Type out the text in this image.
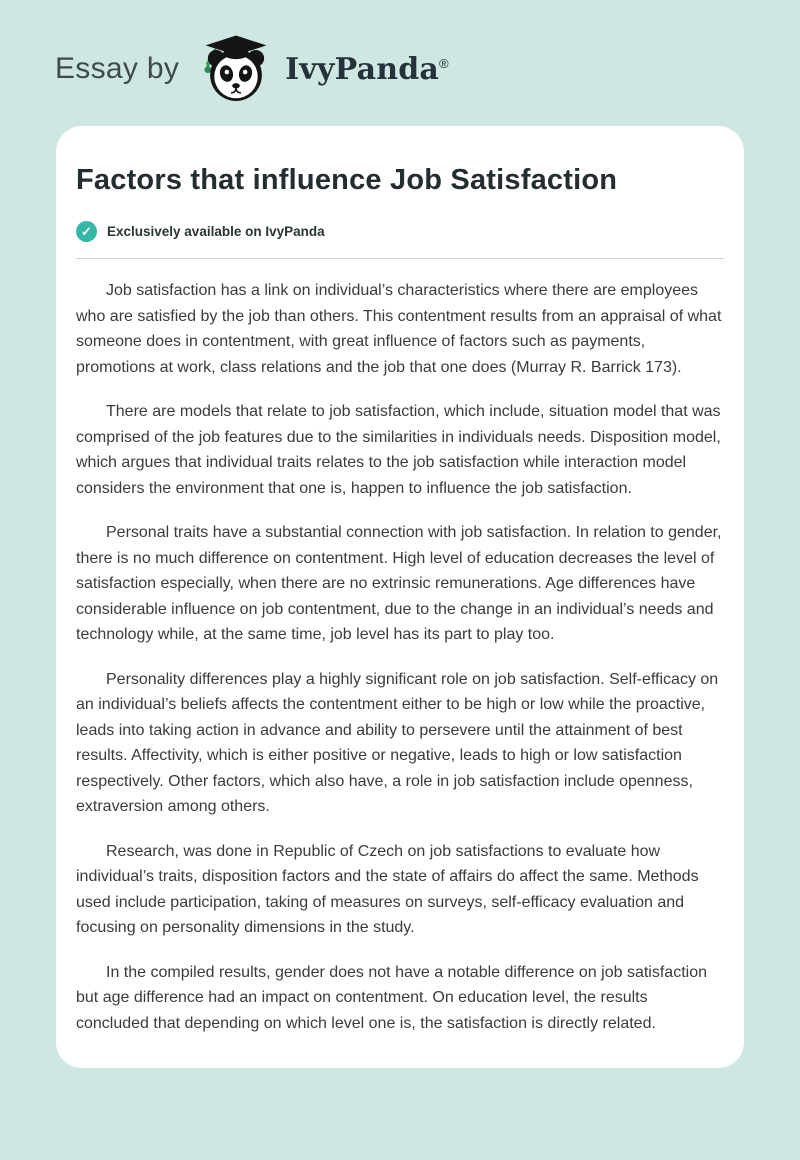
Essay by	IvyPanda®
Factors that influence Job Satisfaction
✓	Exclusively available on IvyPanda

Job satisfaction has a link on individual’s characteristics where there are employees who are satisfied by the job than others. This contentment results from an appraisal of what someone does in contentment, with great influence of factors such as payments, promotions at work, class relations and the job that one does (Murray R. Barrick 173).

There are models that relate to job satisfaction, which include, situation model that was comprised of the job features due to the similarities in individuals needs. Disposition model, which argues that individual traits relates to the job satisfaction while interaction model considers the environment that one is, happen to influence the job satisfaction.

Personal traits have a substantial connection with job satisfaction. In relation to gender, there is no much difference on contentment. High level of education decreases the level of satisfaction especially, when there are no extrinsic remunerations. Age differences have considerable influence on job contentment, due to the change in an individual’s needs and technology while, at the same time, job level has its part to play too.

Personality differences play a highly significant role on job satisfaction. Self-efficacy on an individual’s beliefs affects the contentment either to be high or low while the proactive, leads into taking action in advance and ability to persevere until the attainment of best results. Affectivity, which is either positive or negative, leads to high or low satisfaction respectively. Other factors, which also have, a role in job satisfaction include openness, extraversion among others.

Research, was done in Republic of Czech on job satisfactions to evaluate how individual’s traits, disposition factors and the state of affairs do affect the same. Methods used include participation, taking of measures on surveys, self-efficacy evaluation and focusing on personality dimensions in the study.

In the compiled results, gender does not have a notable difference on job satisfaction but age difference had an impact on contentment. On education level, the results concluded that depending on which level one is, the satisfaction is directly related.
